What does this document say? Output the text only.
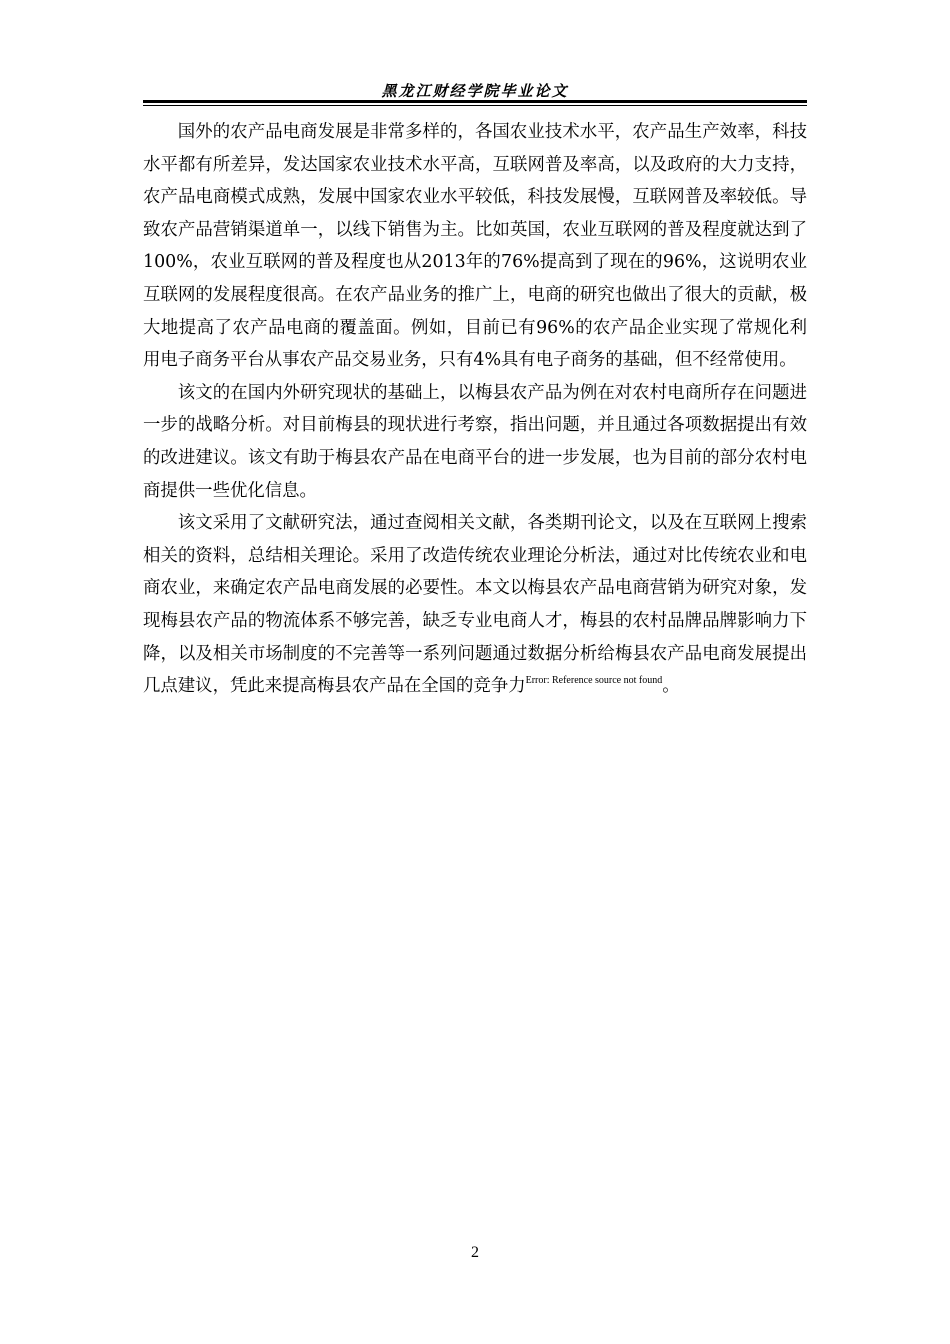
黑龙江财经学院毕业论文

国外的农产品电商发展是非常多样的，各国农业技术水平，农产品生产效率，科技水平都有所差异，发达国家农业技术水平高，互联网普及率高，以及政府的大力支持，农产品电商模式成熟，发展中国家农业水平较低，科技发展慢，互联网普及率较低。导致农产品营销渠道单一，以线下销售为主。比如英国，农业互联网的普及程度就达到了100%，农业互联网的普及程度也从2013年的76%提高到了现在的96%，这说明农业互联网的发展程度很高。在农产品业务的推广上，电商的研究也做出了很大的贡献，极大地提高了农产品电商的覆盖面。例如，目前已有96%的农产品企业实现了常规化利用电子商务平台从事农产品交易业务，只有4%具有电子商务的基础，但不经常使用。

该文的在国内外研究现状的基础上，以梅县农产品为例在对农村电商所存在问题进一步的战略分析。对目前梅县的现状进行考察，指出问题，并且通过各项数据提出有效的改进建议。该文有助于梅县农产品在电商平台的进一步发展，也为目前的部分农村电商提供一些优化信息。

该文采用了文献研究法，通过查阅相关文献，各类期刊论文，以及在互联网上搜索相关的资料，总结相关理论。采用了改造传统农业理论分析法，通过对比传统农业和电商农业，来确定农产品电商发展的必要性。本文以梅县农产品电商营销为研究对象，发现梅县农产品的物流体系不够完善，缺乏专业电商人才，梅县的农村品牌品牌影响力下降，以及相关市场制度的不完善等一系列问题通过数据分析给梅县农产品电商发展提出几点建议，凭此来提高梅县农产品在全国的竞争力$^{Error: Reference source not found}$。

2
